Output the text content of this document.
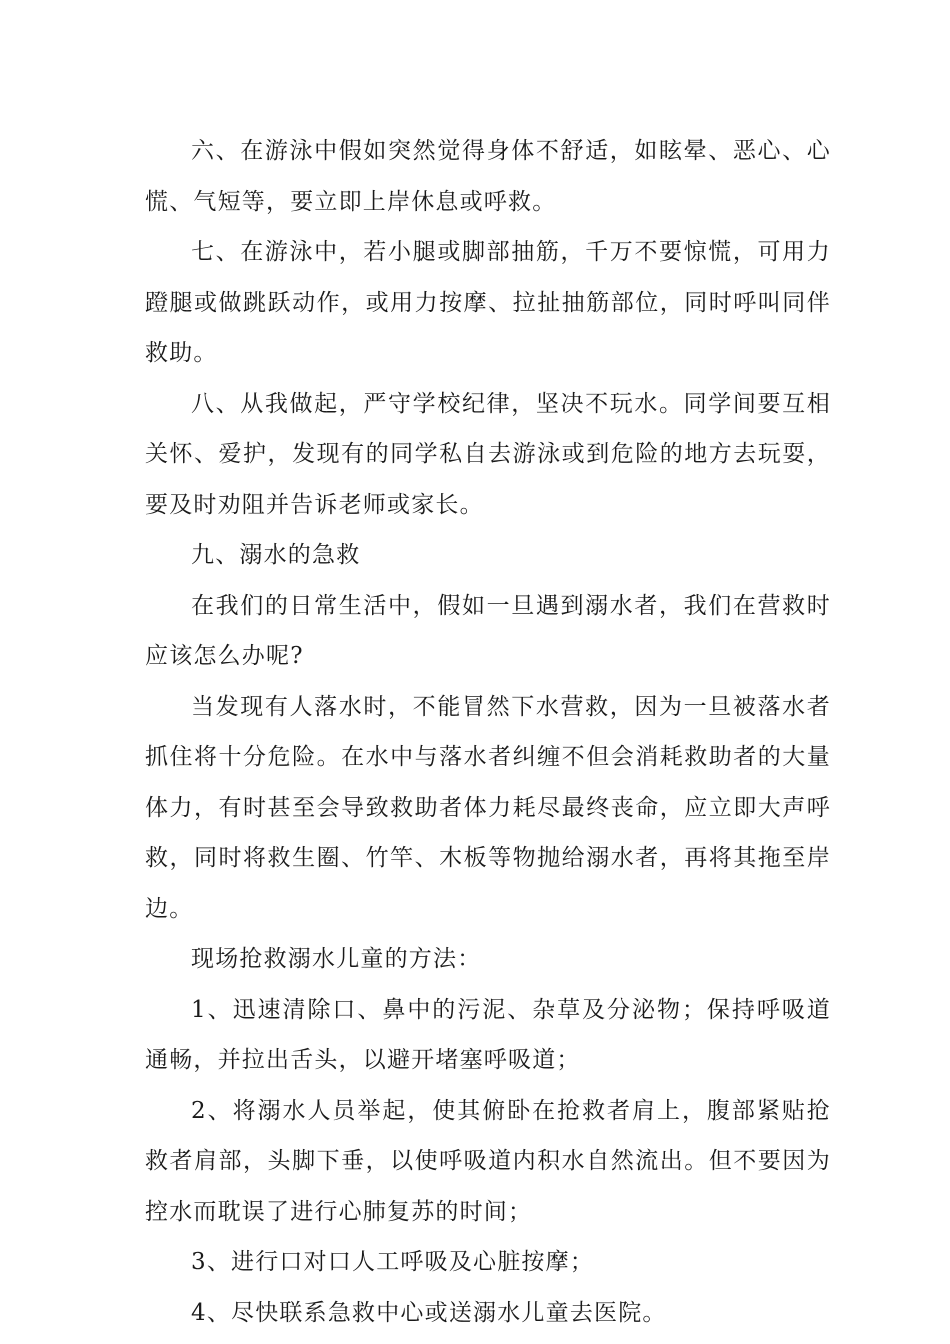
六、在游泳中假如突然觉得身体不舒适，如眩晕、恶心、心慌、气短等，要立即上岸休息或呼救。

七、在游泳中，若小腿或脚部抽筋，千万不要惊慌，可用力蹬腿或做跳跃动作，或用力按摩、拉扯抽筋部位，同时呼叫同伴救助。

八、从我做起，严守学校纪律，坚决不玩水。同学间要互相关怀、爱护，发现有的同学私自去游泳或到危险的地方去玩耍，要及时劝阻并告诉老师或家长。

九、溺水的急救

在我们的日常生活中，假如一旦遇到溺水者，我们在营救时应该怎么办呢?

当发现有人落水时，不能冒然下水营救，因为一旦被落水者抓住将十分危险。在水中与落水者纠缠不但会消耗救助者的大量体力，有时甚至会导致救助者体力耗尽最终丧命，应立即大声呼救，同时将救生圈、竹竿、木板等物抛给溺水者，再将其拖至岸边。

现场抢救溺水儿童的方法：

1、迅速清除口、鼻中的污泥、杂草及分泌物；保持呼吸道通畅，并拉出舌头，以避开堵塞呼吸道；

2、将溺水人员举起，使其俯卧在抢救者肩上，腹部紧贴抢救者肩部，头脚下垂，以使呼吸道内积水自然流出。但不要因为控水而耽误了进行心肺复苏的时间；

3、进行口对口人工呼吸及心脏按摩；

4、尽快联系急救中心或送溺水儿童去医院。
